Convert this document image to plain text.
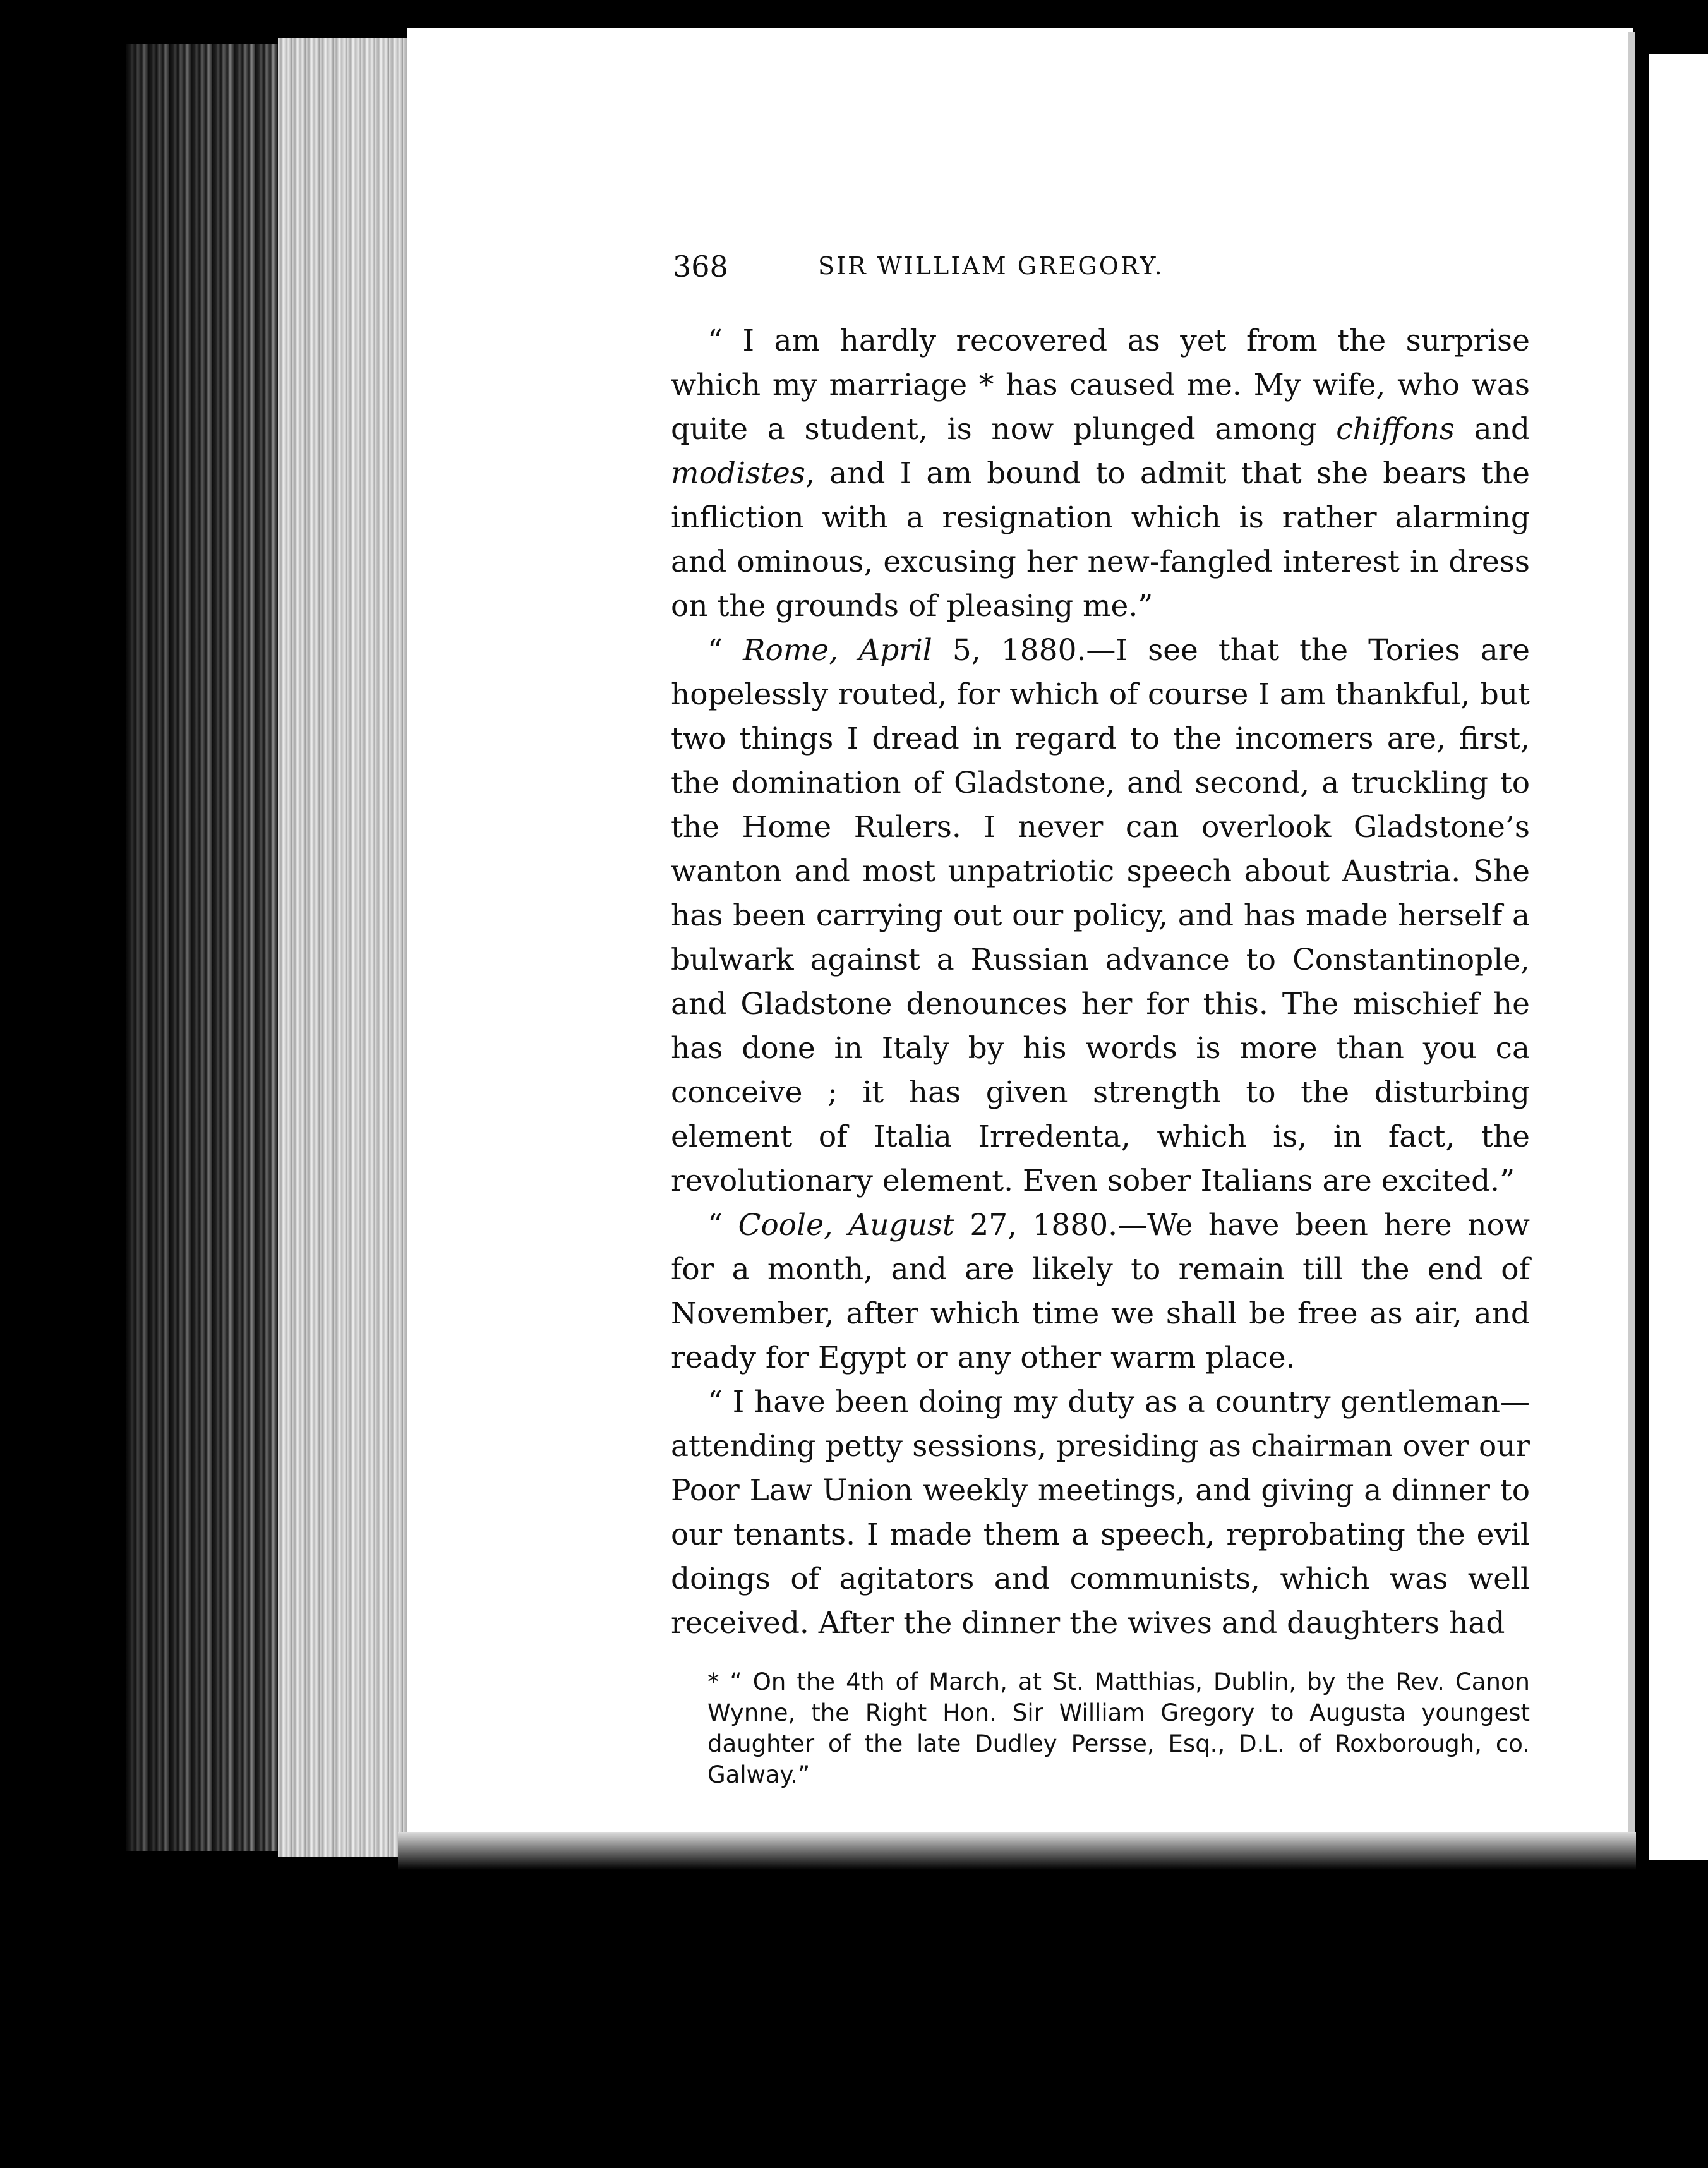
368	SIR WILLIAM GREGORY.

“ I am hardly recovered as yet from the surprise which my marriage * has caused me. My wife, who was quite a student, is now plunged among chiffons and modistes, and I am bound to admit that she bears the infliction with a resignation which is rather alarming and ominous, excusing her new-fangled interest in dress on the grounds of pleasing me.”

“ Rome, April 5, 1880.—I see that the Tories are hopelessly routed, for which of course I am thankful, but two things I dread in regard to the incomers are, first, the domination of Gladstone, and second, a truckling to the Home Rulers. I never can overlook Gladstone’s wanton and most unpatriotic speech about Austria. She has been carrying out our policy, and has made herself a bulwark against a Russian advance to Constantinople, and Gladstone denounces her for this. The mischief he has done in Italy by his words is more than you ca conceive ; it has given strength to the disturbing element of Italia Irredenta, which is, in fact, the revolutionary element. Even sober Italians are excited.”

“ Coole, August 27, 1880.—We have been here now for a month, and are likely to remain till the end of November, after which time we shall be free as air, and ready for Egypt or any other warm place.

“ I have been doing my duty as a country gentleman—attending petty sessions, presiding as chairman over our Poor Law Union weekly meetings, and giving a dinner to our tenants. I made them a speech, reprobating the evil doings of agitators and communists, which was well received. After the dinner the wives and daughters had

* “ On the 4th of March, at St. Matthias, Dublin, by the Rev. Canon Wynne, the Right Hon. Sir William Gregory to Augusta youngest daughter of the late Dudley Persse, Esq., D.L. of Roxborough, co. Galway.”
